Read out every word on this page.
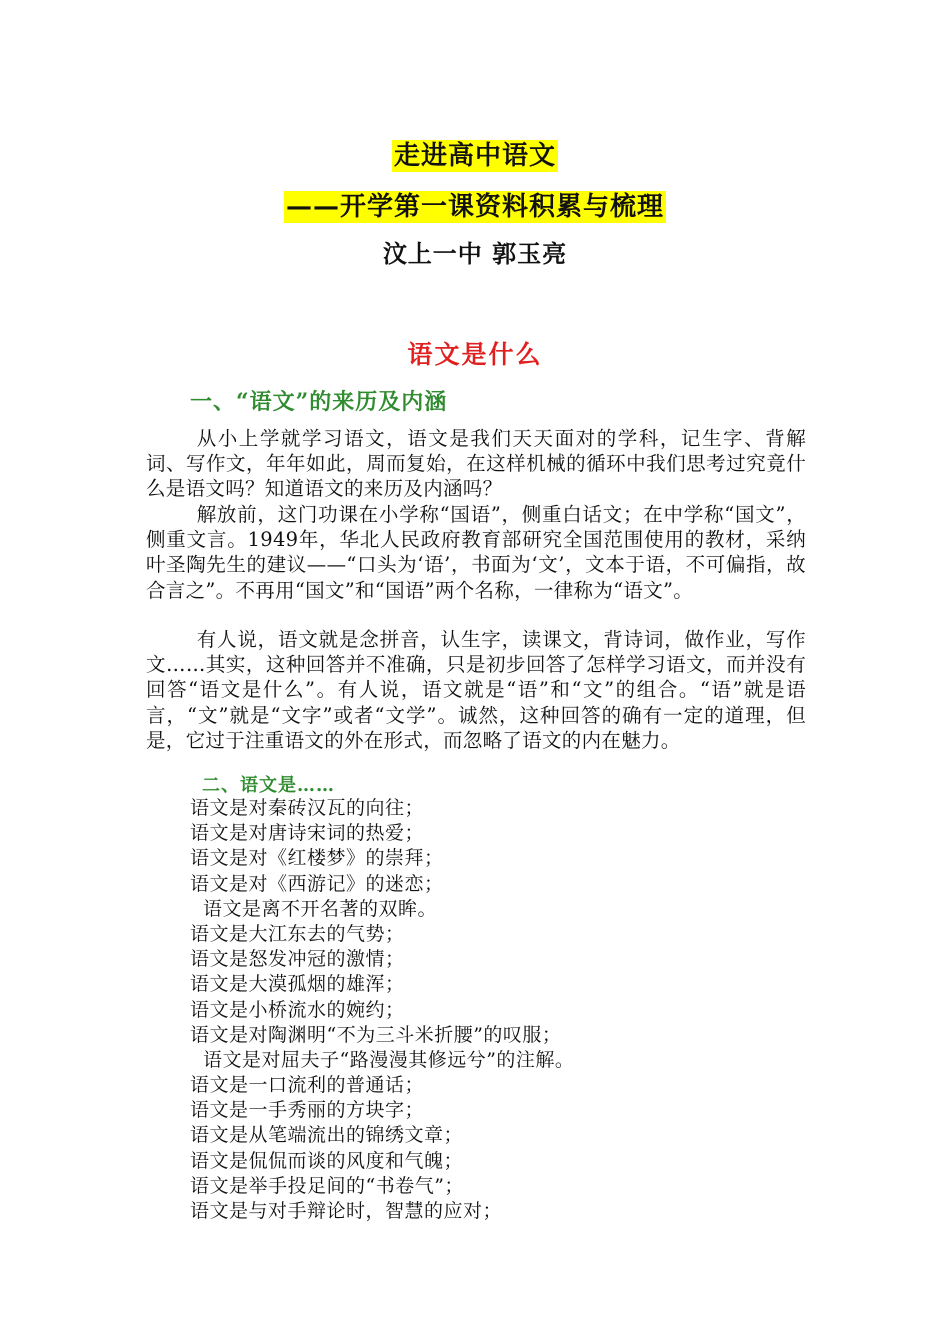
走进高中语文
——开学第一课资料积累与梳理
汶上一中 郭玉亮
语文是什么
一、“语文”的来历及内涵

从小上学就学习语文，语文是我们天天面对的学科，记生字、背解词、写作文，年年如此，周而复始，在这样机械的循环中我们思考过究竟什么是语文吗？知道语文的来历及内涵吗？

解放前，这门功课在小学称“国语”，侧重白话文；在中学称“国文”，侧重文言。1949年，华北人民政府教育部研究全国范围使用的教材，采纳叶圣陶先生的建议——“口头为‘语’，书面为‘文’，文本于语，不可偏指，故合言之”。不再用“国文”和“国语”两个名称，一律称为“语文”。

有人说，语文就是念拼音，认生字，读课文，背诗词，做作业，写作文……其实，这种回答并不准确，只是初步回答了怎样学习语文，而并没有回答“语文是什么”。有人说，语文就是“语”和“文”的组合。“语”就是语言，“文”就是“文字”或者“文学”。诚然，这种回答的确有一定的道理，但是，它过于注重语文的外在形式，而忽略了语文的内在魅力。

二、语文是……
语文是对秦砖汉瓦的向往；
语文是对唐诗宋词的热爱；
语文是对《红楼梦》的崇拜；
语文是对《西游记》的迷恋；
语文是离不开名著的双眸。
语文是大江东去的气势；
语文是怒发冲冠的激情；
语文是大漠孤烟的雄浑；
语文是小桥流水的婉约；
语文是对陶渊明“不为三斗米折腰”的叹服；
语文是对屈夫子“路漫漫其修远兮”的注解。
语文是一口流利的普通话；
语文是一手秀丽的方块字；
语文是从笔端流出的锦绣文章；
语文是侃侃而谈的风度和气魄；
语文是举手投足间的“书卷气”；
语文是与对手辩论时，智慧的应对；
